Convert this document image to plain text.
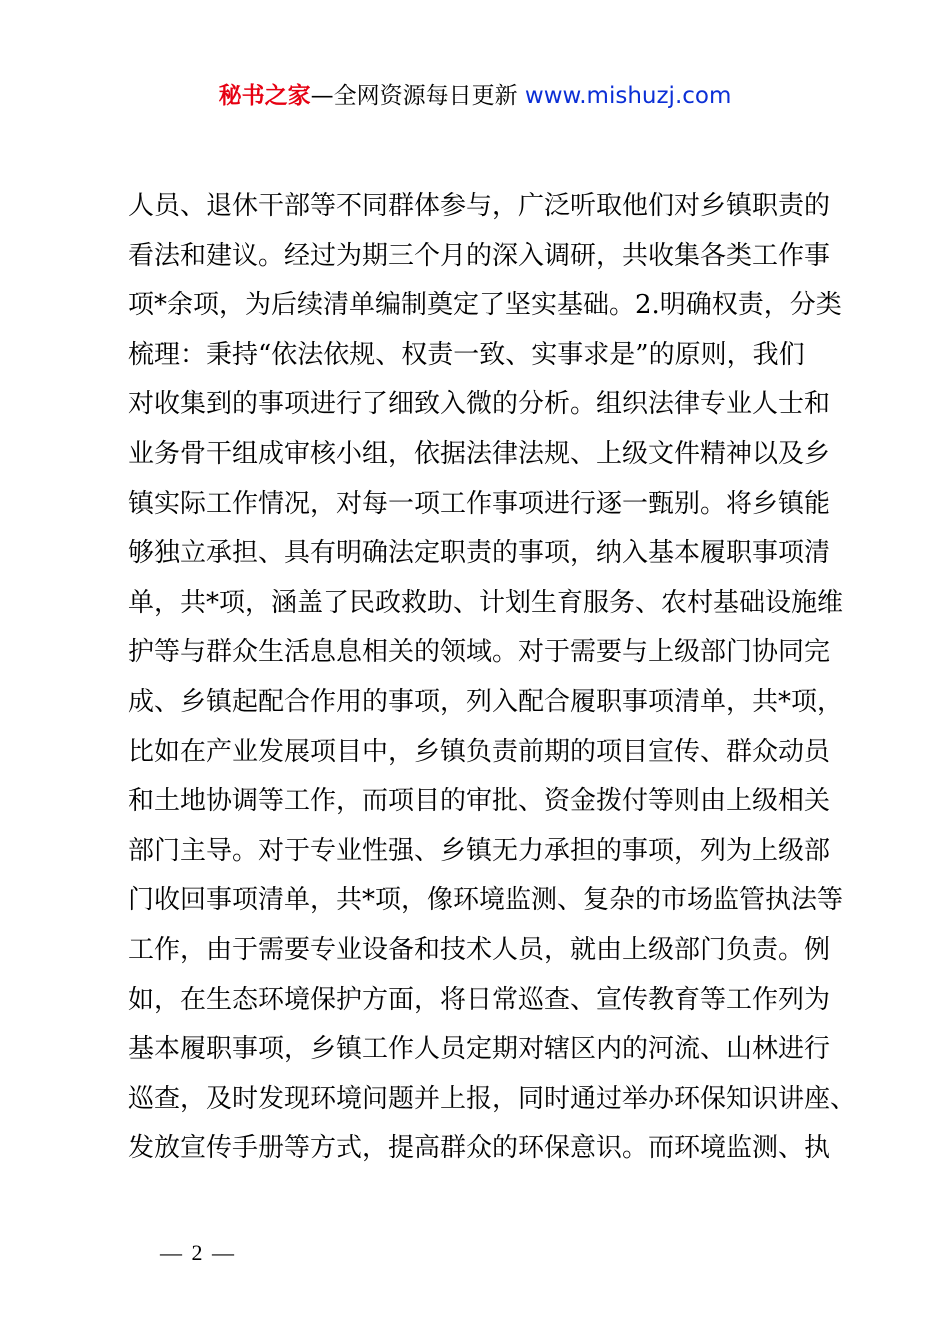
秘书之家—全网资源每日更新 www.mishuzj.com
人员、退休干部等不同群体参与，广泛听取他们对乡镇职责的
看法和建议。经过为期三个月的深入调研，共收集各类工作事
项*余项，为后续清单编制奠定了坚实基础。2.明确权责，分类
梳理：秉持“依法依规、权责一致、实事求是”的原则，我们
对收集到的事项进行了细致入微的分析。组织法律专业人士和
业务骨干组成审核小组，依据法律法规、上级文件精神以及乡
镇实际工作情况，对每一项工作事项进行逐一甄别。将乡镇能
够独立承担、具有明确法定职责的事项，纳入基本履职事项清
单，共*项，涵盖了民政救助、计划生育服务、农村基础设施维
护等与群众生活息息相关的领域。对于需要与上级部门协同完
成、乡镇起配合作用的事项，列入配合履职事项清单，共*项，
比如在产业发展项目中，乡镇负责前期的项目宣传、群众动员
和土地协调等工作，而项目的审批、资金拨付等则由上级相关
部门主导。对于专业性强、乡镇无力承担的事项，列为上级部
门收回事项清单，共*项，像环境监测、复杂的市场监管执法等
工作，由于需要专业设备和技术人员，就由上级部门负责。例
如，在生态环境保护方面，将日常巡查、宣传教育等工作列为
基本履职事项，乡镇工作人员定期对辖区内的河流、山林进行
巡查，及时发现环境问题并上报，同时通过举办环保知识讲座、
发放宣传手册等方式，提高群众的环保意识。而环境监测、执
— 2 —
